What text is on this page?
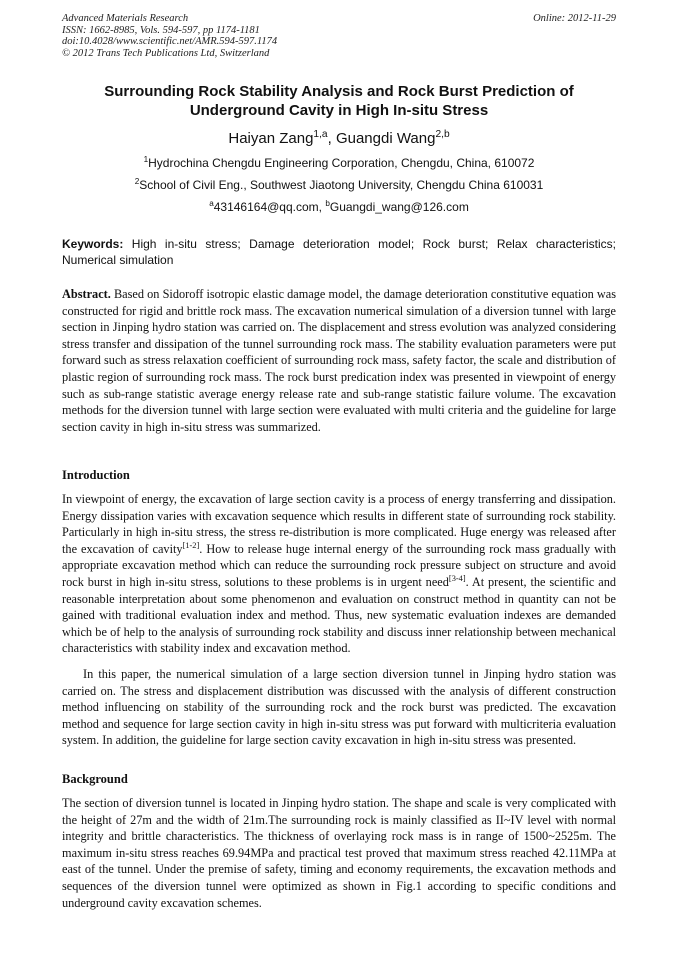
Advanced Materials Research
ISSN: 1662-8985, Vols. 594-597, pp 1174-1181
doi:10.4028/www.scientific.net/AMR.594-597.1174
© 2012 Trans Tech Publications Ltd, Switzerland
Online: 2012-11-29
Surrounding Rock Stability Analysis and Rock Burst Prediction of
Underground Cavity in High In-situ Stress
Haiyan Zang$^{1,a}$, Guangdi Wang$^{2,b}$
$^1$Hydrochina Chengdu Engineering Corporation, Chengdu, China, 610072
$^2$School of Civil Eng., Southwest Jiaotong University, Chengdu China 610031
$^a$43146164@qq.com, $^b$Guangdi_wang@126.com
Keywords: High in-situ stress; Damage deterioration model; Rock burst; Relax characteristics; Numerical simulation
Abstract. Based on Sidoroff isotropic elastic damage model, the damage deterioration constitutive equation was constructed for rigid and brittle rock mass. The excavation numerical simulation of a diversion tunnel with large section in Jinping hydro station was carried on. The displacement and stress evolution was analyzed considering stress transfer and dissipation of the tunnel surrounding rock mass. The stability evaluation parameters were put forward such as stress relaxation coefficient of surrounding rock mass, safety factor, the scale and distribution of plastic region of surrounding rock mass. The rock burst predication index was presented in viewpoint of energy such as sub-range statistic average energy release rate and sub-range statistic failure volume. The excavation methods for the diversion tunnel with large section were evaluated with multi criteria and the guideline for large section cavity in high in-situ stress was summarized.
Introduction
In viewpoint of energy, the excavation of large section cavity is a process of energy transferring and dissipation. Energy dissipation varies with excavation sequence which results in different state of surrounding rock stability. Particularly in high in-situ stress, the stress re-distribution is more complicated. Huge energy was released after the excavation of cavity[1-2]. How to release huge internal energy of the surrounding rock mass gradually with appropriate excavation method which can reduce the surrounding rock pressure subject on structure and avoid rock burst in high in-situ stress, solutions to these problems is in urgent need[3-4]. At present, the scientific and reasonable interpretation about some phenomenon and evaluation on construct method in quantity can not be gained with traditional evaluation index and method. Thus, new systematic evaluation indexes are demanded which be of help to the analysis of surrounding rock stability and discuss inner relationship between mechanical characteristics with stability index and excavation method.
In this paper, the numerical simulation of a large section diversion tunnel in Jinping hydro station was carried on. The stress and displacement distribution was discussed with the analysis of different construction method influencing on stability of the surrounding rock and the rock burst was predicted. The excavation method and sequence for large section cavity in high in-situ stress was put forward with multicriteria evaluation system. In addition, the guideline for large section cavity excavation in high in-situ stress was presented.
Background
The section of diversion tunnel is located in Jinping hydro station. The shape and scale is very complicated with the height of 27m and the width of 21m.The surrounding rock is mainly classified as II~IV level with normal integrity and brittle characteristics. The thickness of overlaying rock mass is in range of 1500~2525m. The maximum in-situ stress reaches 69.94MPa and practical test proved that maximum stress reached 42.11MPa at east of the tunnel. Under the premise of safety, timing and economy requirements, the excavation methods and sequences of the diversion tunnel were optimized as shown in Fig.1 according to specific conditions and underground cavity excavation schemes.
